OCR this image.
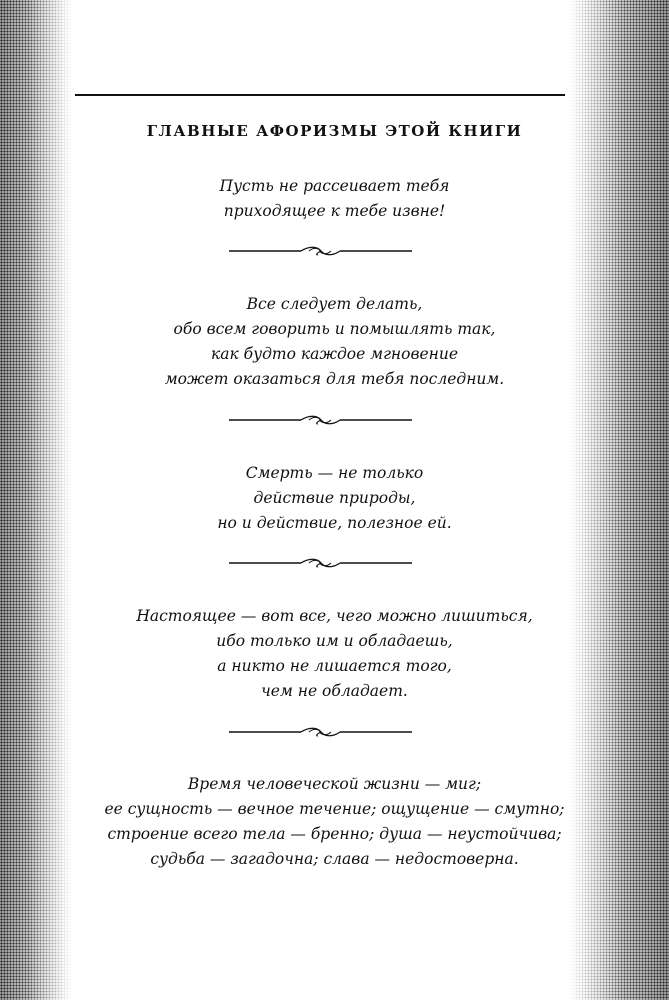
ГЛАВНЫЕ АФОРИЗМЫ ЭТОЙ КНИГИ
Пусть не рассеивает тебя
приходящее к тебе извне!
Все следует делать,
обо всем говорить и помышлять так,
как будто каждое мгновение
может оказаться для тебя последним.
Смерть — не только
действие природы,
но и действие, полезное ей.
Настоящее — вот все, чего можно лишиться,
ибо только им и обладаешь,
а никто не лишается того,
чем не обладает.
Время человеческой жизни — миг;
ее сущность — вечное течение; ощущение — смутно;
строение всего тела — бренно; душа — неустойчива;
судьба — загадочна; слава — недостоверна.
